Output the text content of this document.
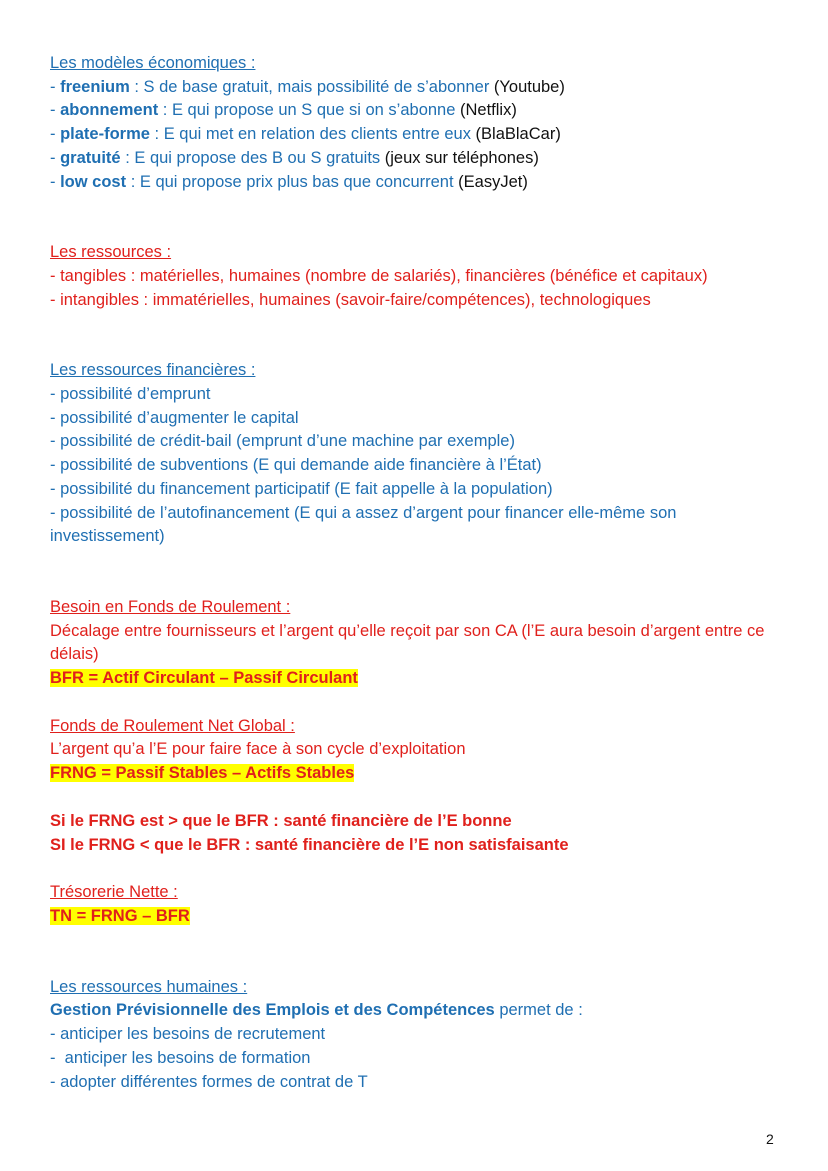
Les modèles économiques :
- freenium : S de base gratuit, mais possibilité de s’abonner (Youtube)
- abonnement : E qui propose un S que si on s’abonne (Netflix)
- plate-forme : E qui met en relation des clients entre eux (BlaBlaCar)
- gratuité : E qui propose des B ou S gratuits (jeux sur téléphones)
- low cost : E qui propose prix plus bas que concurrent (EasyJet)
Les ressources :
- tangibles : matérielles, humaines (nombre de salariés), financières (bénéfice et capitaux)
- intangibles : immatérielles, humaines (savoir-faire/compétences), technologiques
Les ressources financières :
- possibilité d’emprunt
- possibilité d’augmenter le capital
- possibilité de crédit-bail (emprunt d’une machine par exemple)
- possibilité de subventions (E qui demande aide financière à l’État)
- possibilité du financement participatif (E fait appelle à la population)
- possibilité de l’autofinancement (E qui a assez d’argent pour financer elle-même son investissement)
Besoin en Fonds de Roulement :
Décalage entre fournisseurs et l’argent qu’elle reçoit par son CA (l’E aura besoin d’argent entre ce délais)
BFR = Actif Circulant – Passif Circulant
Fonds de Roulement Net Global :
L’argent qu’a l’E pour faire face à son cycle d’exploitation
FRNG = Passif Stables – Actifs Stables
Si le FRNG est > que le BFR : santé financière de l’E bonne
SI le FRNG < que le BFR : santé financière de l’E non satisfaisante
Trésorerie Nette :
TN = FRNG – BFR
Les ressources humaines :
Gestion Prévisionnelle des Emplois et des Compétences permet de :
- anticiper les besoins de recrutement
-  anticiper les besoins de formation
- adopter différentes formes de contrat de T
2
